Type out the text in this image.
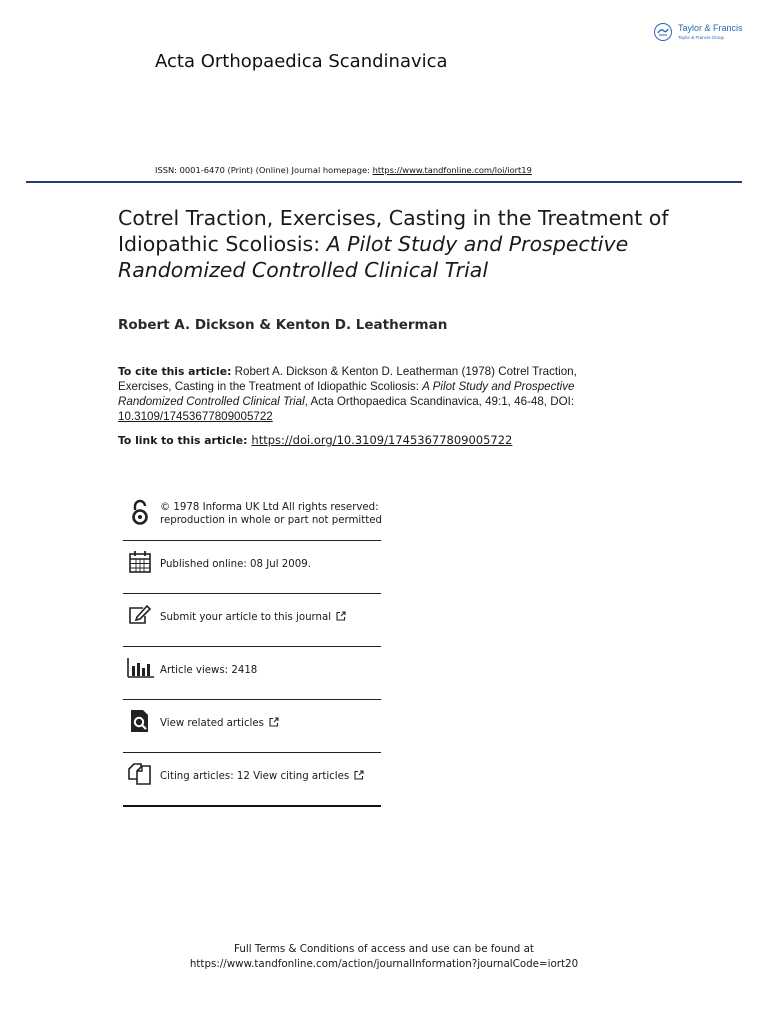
Taylor & Francis
Taylor & Francis Group
Acta Orthopaedica Scandinavica
ISSN: 0001-6470 (Print) (Online) Journal homepage: https://www.tandfonline.com/loi/iort19
Cotrel Traction, Exercises, Casting in the Treatment of Idiopathic Scoliosis: A Pilot Study and Prospective Randomized Controlled Clinical Trial
Robert A. Dickson & Kenton D. Leatherman
To cite this article: Robert A. Dickson & Kenton D. Leatherman (1978) Cotrel Traction, Exercises, Casting in the Treatment of Idiopathic Scoliosis: A Pilot Study and Prospective Randomized Controlled Clinical Trial, Acta Orthopaedica Scandinavica, 49:1, 46-48, DOI: 10.3109/17453677809005722
To link to this article: https://doi.org/10.3109/17453677809005722
© 1978 Informa UK Ltd All rights reserved:
reproduction in whole or part not permitted
Published online: 08 Jul 2009.
Submit your article to this journal
Article views: 2418
View related articles
Citing articles: 12 View citing articles
Full Terms & Conditions of access and use can be found at
https://www.tandfonline.com/action/journalInformation?journalCode=iort20
